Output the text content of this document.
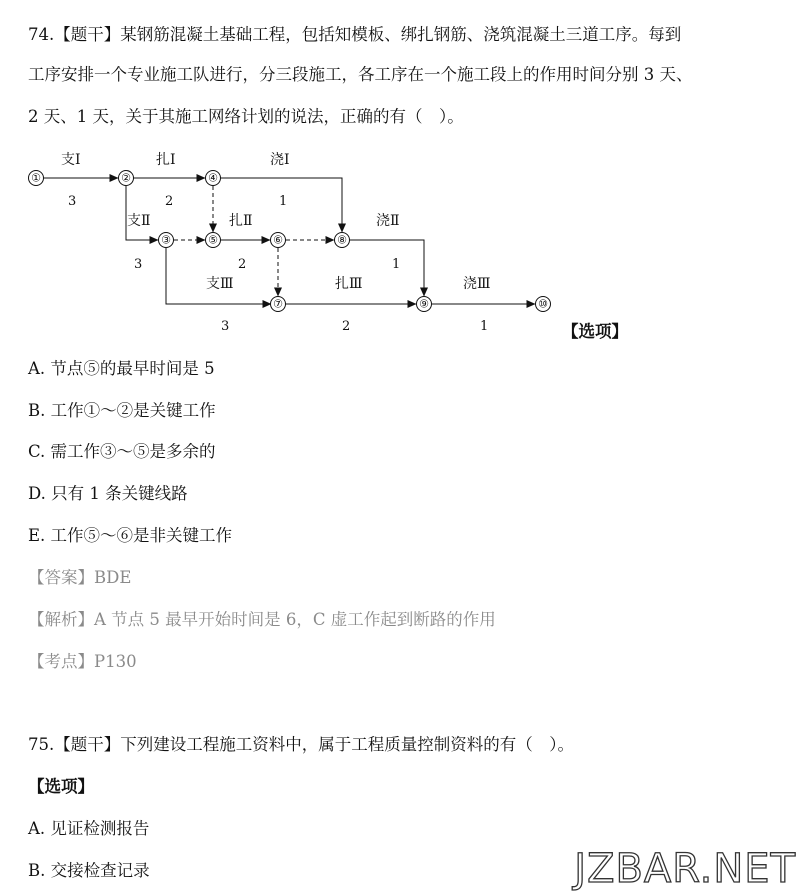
74.【题干】某钢筋混凝土基础工程，包括知模板、绑扎钢筋、浇筑混凝土三道工序。每到
工序安排一个专业施工队进行，分三段施工，各工序在一个施工段上的作用时间分别 3 天、
2 天、1 天，关于其施工网络计划的说法，正确的有（　）。
支Ⅰ	扎Ⅰ	浇Ⅰ
支Ⅱ	扎Ⅱ	浇Ⅱ
支Ⅲ	扎Ⅲ	浇Ⅲ
3	2	1
3	2	1
3	2	1
①	②
③
④
⑤	⑥
⑦
⑧
⑨	⑩
【选项】
A. 节点⑤的最早时间是 5
B. 工作①～②是关键工作
C. 需工作③～⑤是多余的
D. 只有 1 条关键线路
E. 工作⑤～⑥是非关键工作
【答案】BDE
【解析】A 节点 5 最早开始时间是 6，C 虚工作起到断路的作用
【考点】P130
75.【题干】下列建设工程施工资料中，属于工程质量控制资料的有（　）。
【选项】
A. 见证检测报告
B. 交接检查记录	JZBAR.NET
